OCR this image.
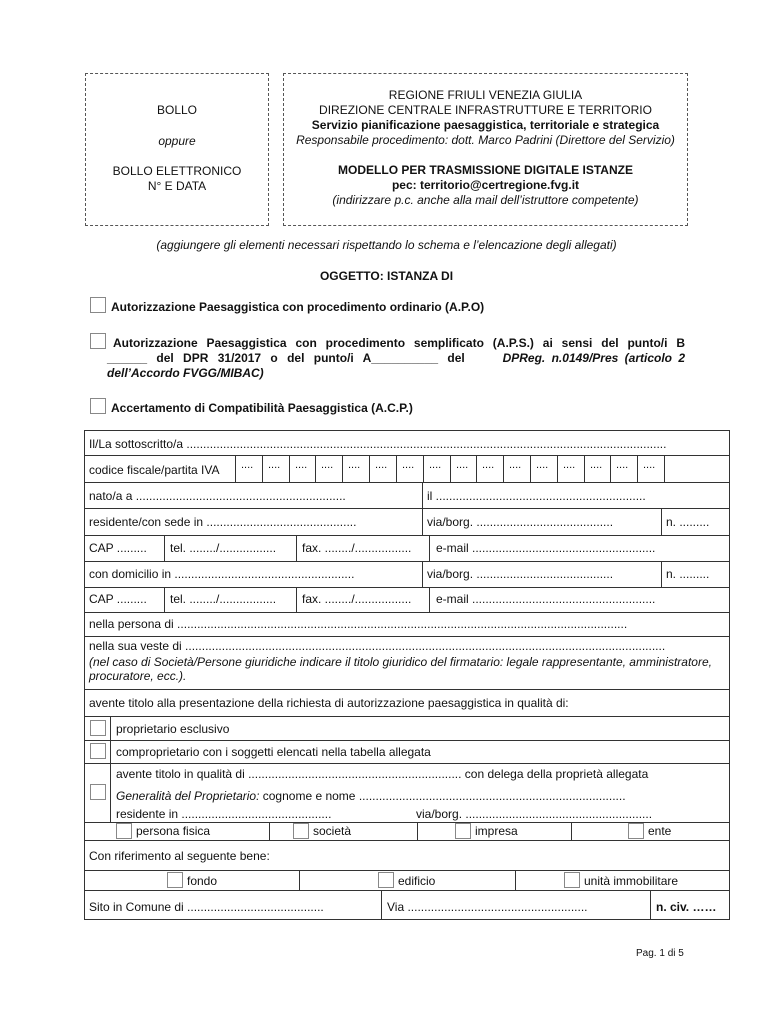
BOLLO
oppure
BOLLO ELETTRONICO
N° E DATA
REGIONE FRIULI VENEZIA GIULIA
DIREZIONE CENTRALE INFRASTRUTTURE E TERRITORIO
Servizio pianificazione paesaggistica, territoriale e strategica
Responsabile procedimento: dott. Marco Padrini (Direttore del Servizio)
MODELLO PER TRASMISSIONE DIGITALE ISTANZE
pec: territorio@certregione.fvg.it
(indirizzare p.c. anche alla mail dell’istruttore competente)
(aggiungere gli elementi necessari rispettando lo schema e l’elencazione degli allegati)
OGGETTO: ISTANZA DI
Autorizzazione Paesaggistica con procedimento ordinario (A.P.O)
Autorizzazione Paesaggistica con procedimento semplificato (A.P.S.) ai sensi del punto/i B
______ del DPR 31/2017 o del punto/i A__________ del	DPReg. n.0149/Pres (articolo 2
dell’Accordo FVGG/MIBAC)
Accertamento di Compatibilità Paesaggistica (A.C.P.)
Il/La sottoscritto/a ................................................................................................................................................
codice fiscale/partita IVA .... .... .... .... .... .... .... .... .... .... .... .... .... .... .... ....
nato/a a ...............................................................	il ...............................................................
residente/con sede in .............................................	via/borg. .........................................	n. .........
CAP ......... tel. ......../................. fax. ......../................. e-mail .......................................................
con domicilio in ......................................................	via/borg. .........................................	n. .........
CAP ......... tel. ......../................. fax. ......../................. e-mail .......................................................
nella persona di .......................................................................................................................................
nella sua veste di ................................................................................................................................................
(nel caso di Società/Persone giuridiche indicare il titolo giuridico del firmatario: legale rappresentante, amministratore, procuratore, ecc.).
avente titolo alla presentazione della richiesta di autorizzazione paesaggistica in qualità di:
proprietario esclusivo
comproprietario con i soggetti elencati nella tabella allegata
avente titolo in qualità di ................................................................ con delega della proprietà allegata
Generalità del Proprietario: cognome e nome ................................................................................
residente in .............................................	via/borg. ........................................................
persona fisica	società	impresa	ente
Con riferimento al seguente bene:
fondo	edificio	unità immobilitare
Sito in Comune di .........................................	Via ......................................................	n. civ. ……
Pag. 1 di 5
